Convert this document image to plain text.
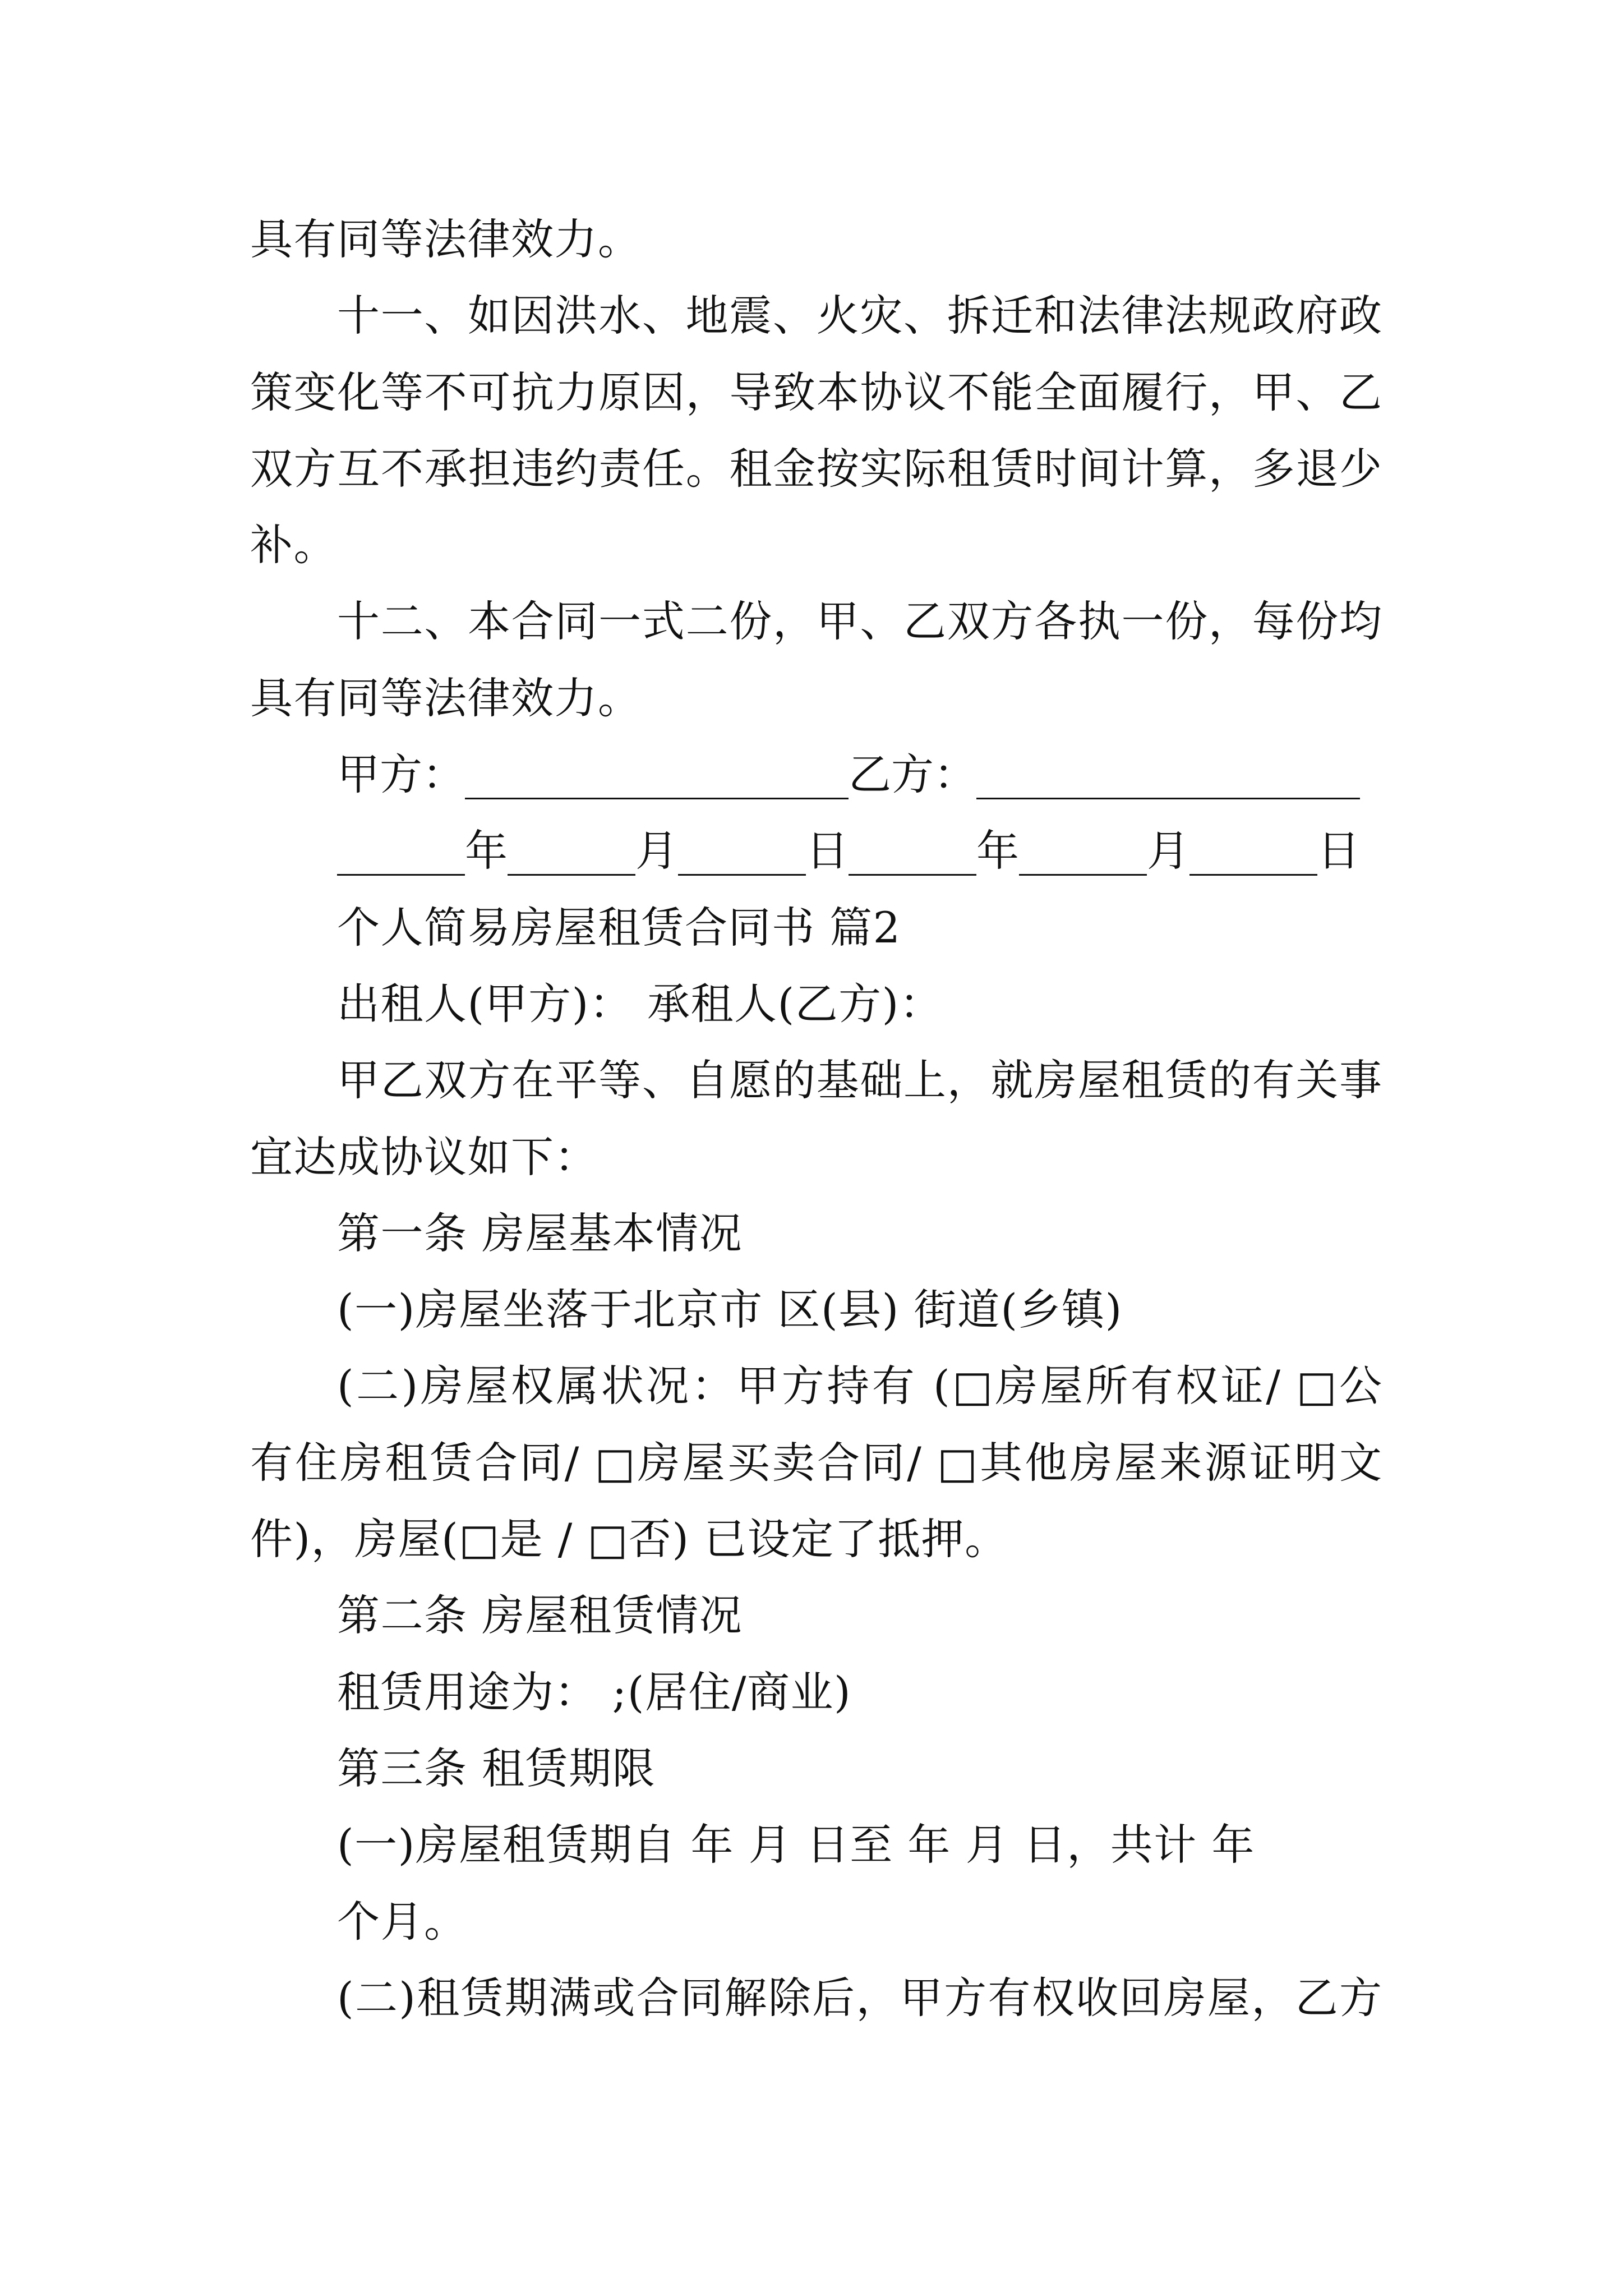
具有同等法律效力。
十一、如因洪水、地震、火灾、拆迁和法律法规政府政
策变化等不可抗力原因，导致本协议不能全面履行，甲、乙
双方互不承担违约责任。租金按实际租赁时间计算，多退少
补。
十二、本合同一式二份，甲、乙双方各执一份，每份均
具有同等法律效力。
甲方：__________________乙方：__________________
______年______月______日______年______月______日
个人简易房屋租赁合同书 篇2
出租人(甲方)： 承租人(乙方)：
甲乙双方在平等、自愿的基础上，就房屋租赁的有关事
宜达成协议如下：
第一条 房屋基本情况
(一)房屋坐落于北京市 区(县) 街道(乡镇)
(二)房屋权属状况：甲方持有 (□房屋所有权证/ □公
有住房租赁合同/ □房屋买卖合同/ □其他房屋来源证明文
件)，房屋(□是 / □否) 已设定了抵押。
第二条 房屋租赁情况
租赁用途为： ;(居住/商业)
第三条 租赁期限
(一)房屋租赁期自 年 月 日至 年 月 日，共计 年
个月。
(二)租赁期满或合同解除后，甲方有权收回房屋，乙方
